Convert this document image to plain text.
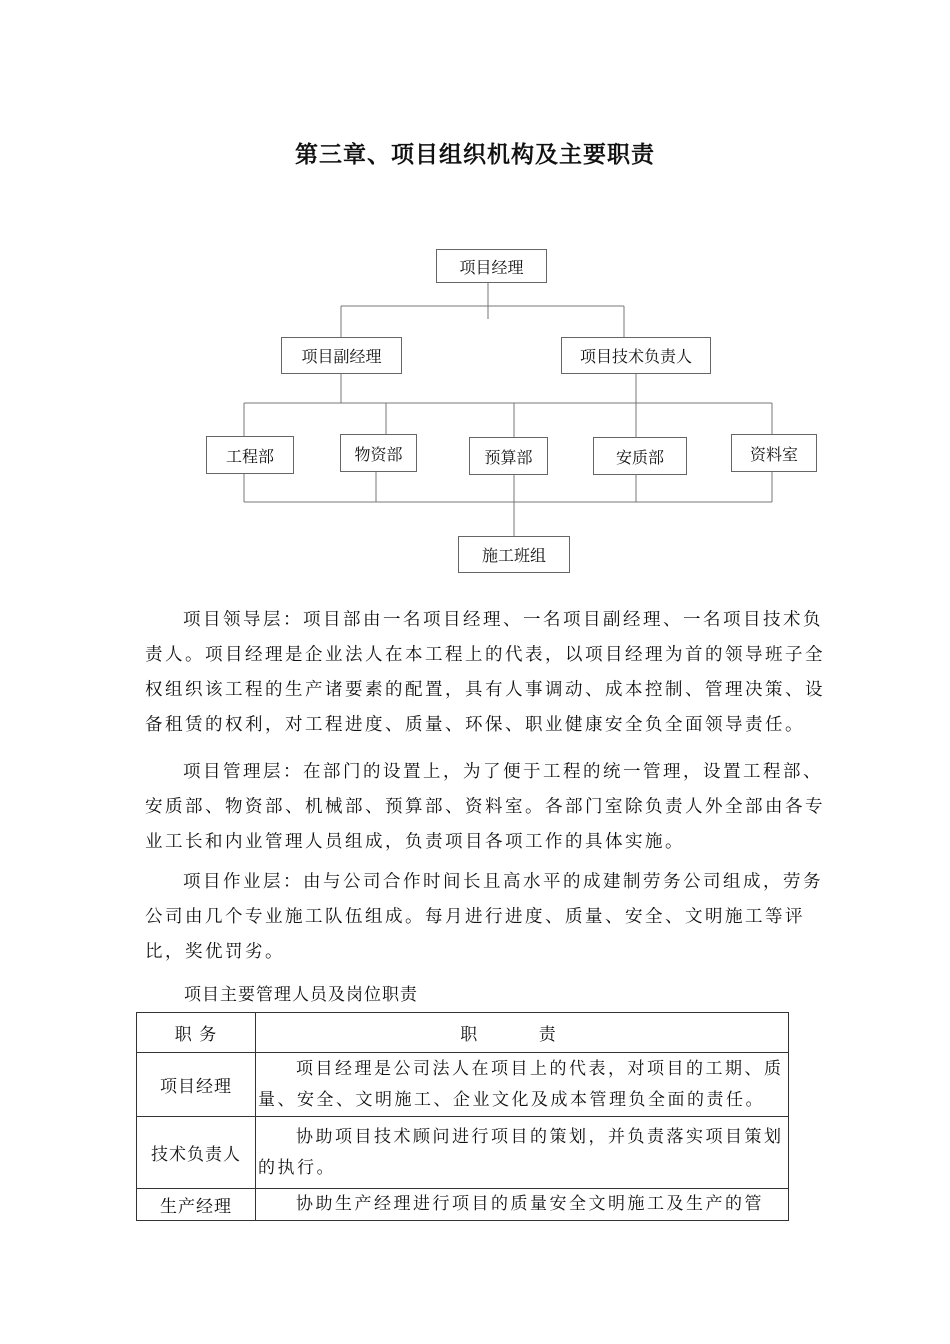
第三章、项目组织机构及主要职责
项目经理
项目副经理	项目技术负责人
工程部	物资部	预算部	安质部	资料室
施工班组

项目领导层：项目部由一名项目经理、一名项目副经理、一名项目技术负责人。项目经理是企业法人在本工程上的代表，以项目经理为首的领导班子全权组织该工程的生产诸要素的配置，具有人事调动、成本控制、管理决策、设备租赁的权利，对工程进度、质量、环保、职业健康安全负全面领导责任。

项目管理层：在部门的设置上，为了便于工程的统一管理，设置工程部、安质部、物资部、机械部、预算部、资料室。各部门室除负责人外全部由各专业工长和内业管理人员组成，负责项目各项工作的具体实施。

项目作业层：由与公司合作时间长且高水平的成建制劳务公司组成，劳务公司由几个专业施工队伍组成。每月进行进度、质量、安全、文明施工等评比，奖优罚劣。

项目主要管理人员及岗位职责
职 务	职 责
项目经理	项目经理是公司法人在项目上的代表，对项目的工期、质量、安全、文明施工、企业文化及成本管理负全面的责任。
技术负责人	协助项目技术顾问进行项目的策划，并负责落实项目策划的执行。
生产经理	协助生产经理进行项目的质量安全文明施工及生产的管
